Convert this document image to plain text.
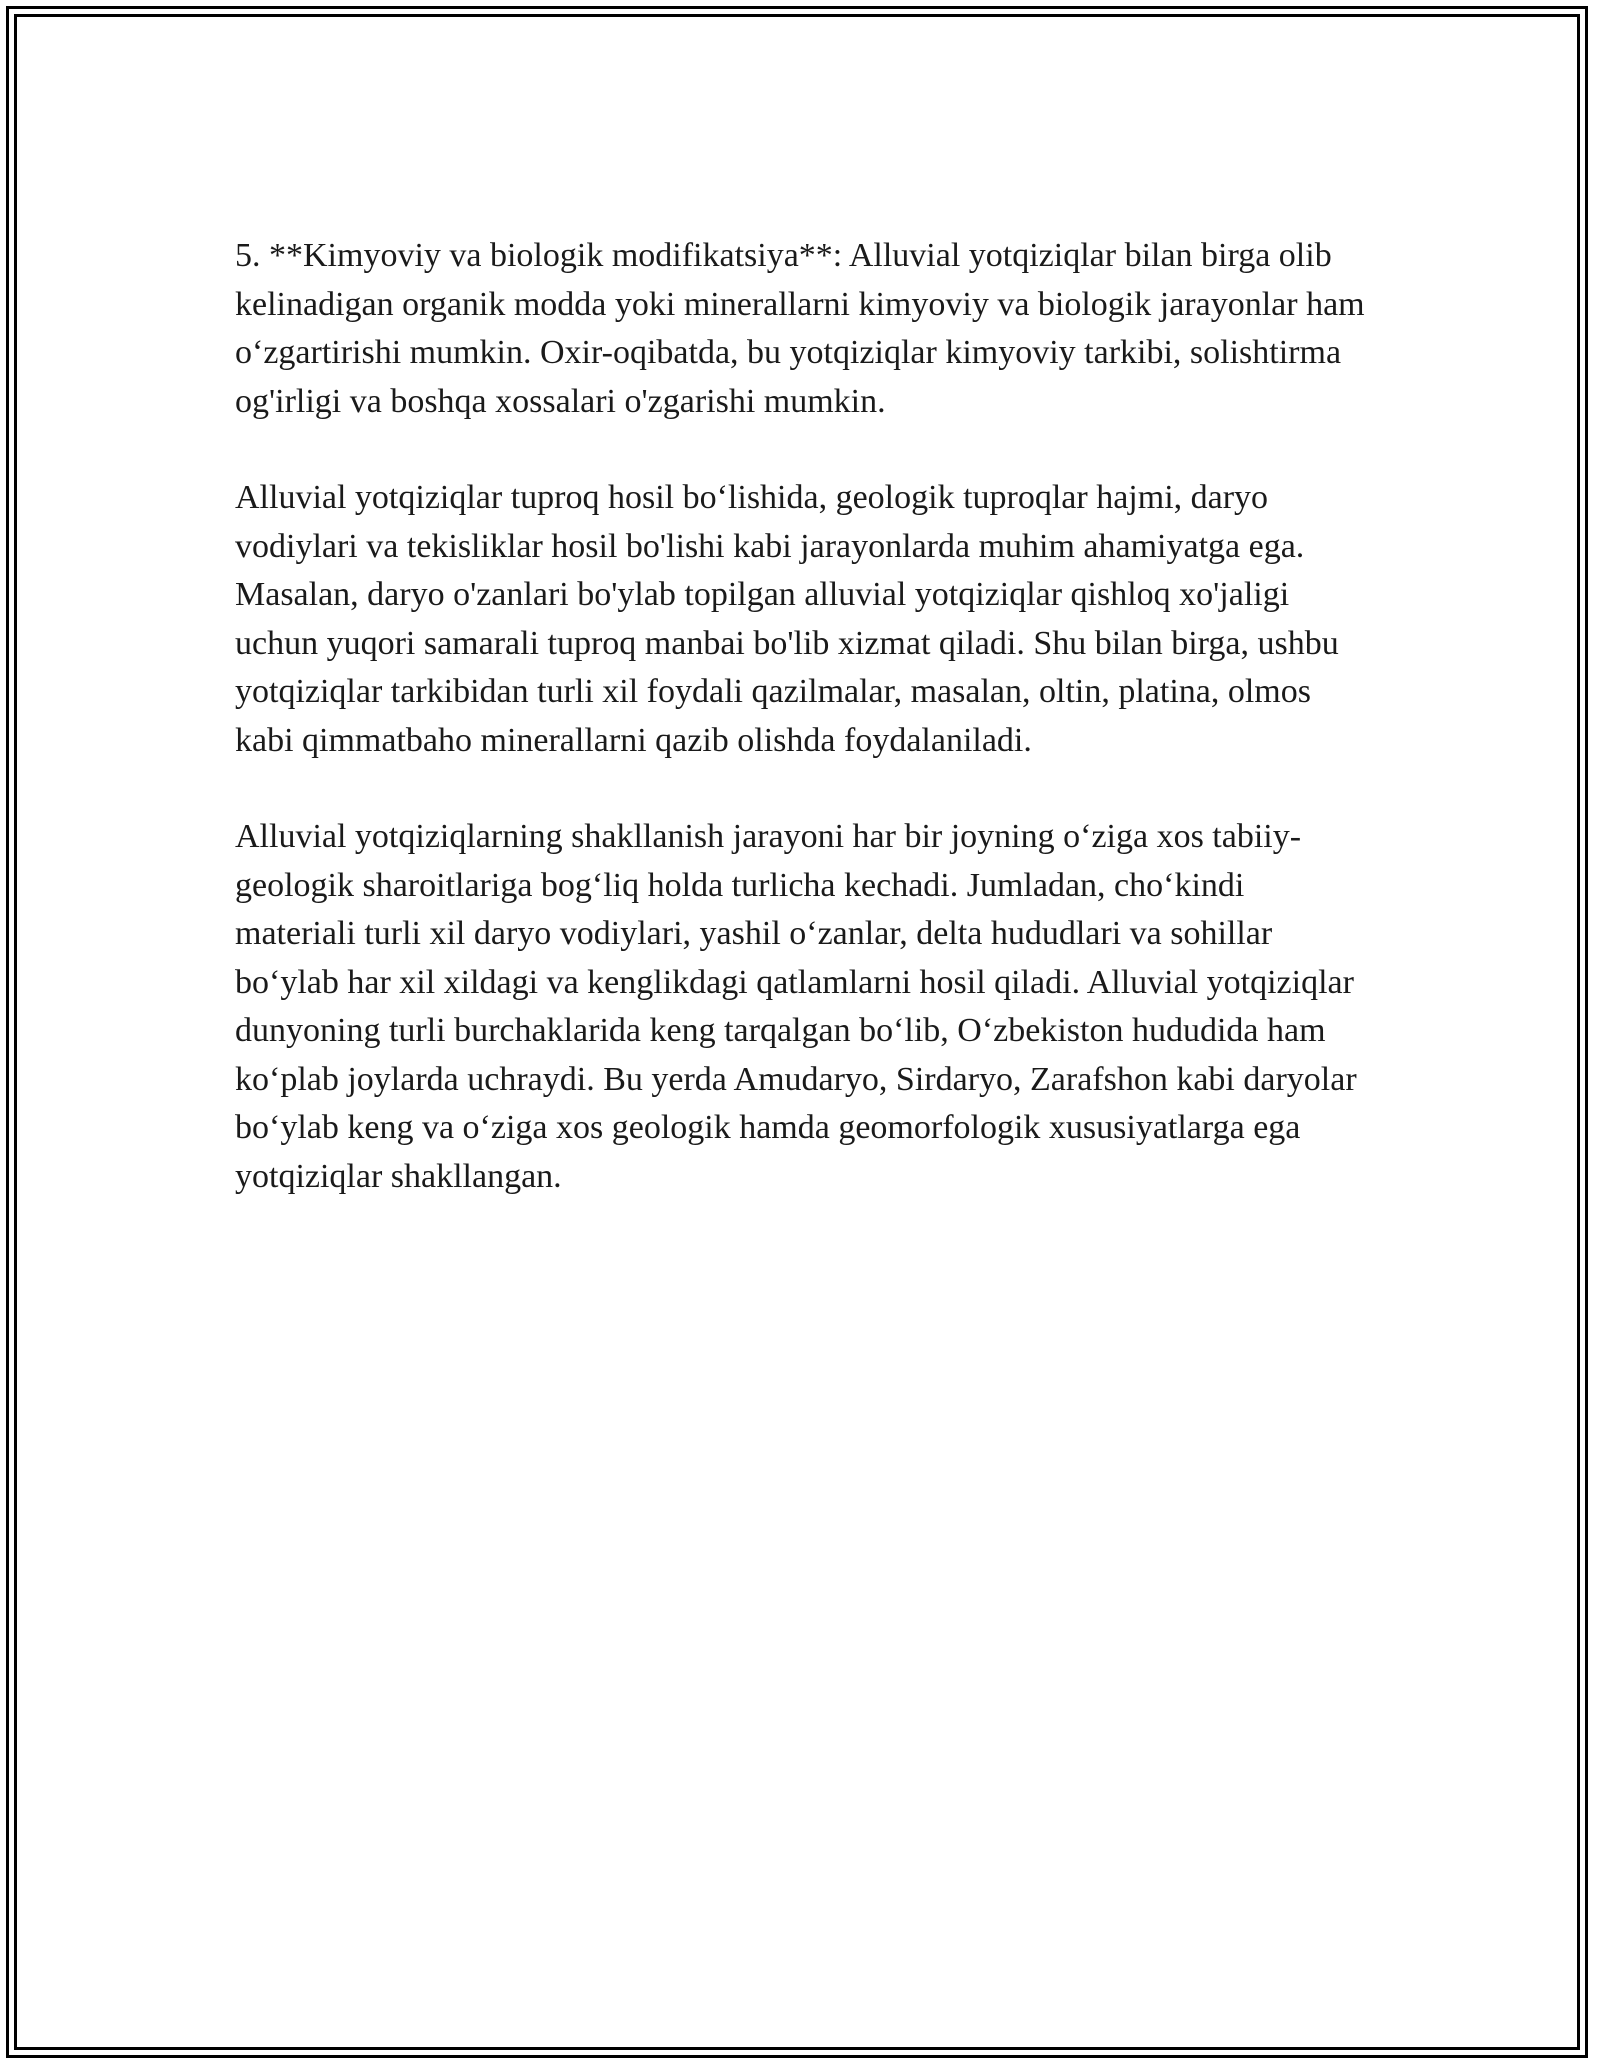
5. **Kimyoviy va biologik modifikatsiya**: Alluvial yotqiziqlar bilan birga olib kelinadigan organik modda yoki minerallarni kimyoviy va biologik jarayonlar ham o‘zgartirishi mumkin. Oxir-oqibatda, bu yotqiziqlar kimyoviy tarkibi, solishtirma og'irligi va boshqa xossalari o'zgarishi mumkin.

Alluvial yotqiziqlar tuproq hosil bo‘lishida, geologik tuproqlar hajmi, daryo vodiylari va tekisliklar hosil bo'lishi kabi jarayonlarda muhim ahamiyatga ega. Masalan, daryo o'zanlari bo'ylab topilgan alluvial yotqiziqlar qishloq xo'jaligi uchun yuqori samarali tuproq manbai bo'lib xizmat qiladi. Shu bilan birga, ushbu yotqiziqlar tarkibidan turli xil foydali qazilmalar, masalan, oltin, platina, olmos kabi qimmatbaho minerallarni qazib olishda foydalaniladi.

Alluvial yotqiziqlarning shakllanish jarayoni har bir joyning o‘ziga xos tabiiy-geologik sharoitlariga bog‘liq holda turlicha kechadi. Jumladan, cho‘kindi materiali turli xil daryo vodiylari, yashil o‘zanlar, delta hududlari va sohillar bo‘ylab har xil xildagi va kenglikdagi qatlamlarni hosil qiladi. Alluvial yotqiziqlar dunyoning turli burchaklarida keng tarqalgan bo‘lib, O‘zbekiston hududida ham ko‘plab joylarda uchraydi. Bu yerda Amudaryo, Sirdaryo, Zarafshon kabi daryolar bo‘ylab keng va o‘ziga xos geologik hamda geomorfologik xususiyatlarga ega yotqiziqlar shakllangan.
